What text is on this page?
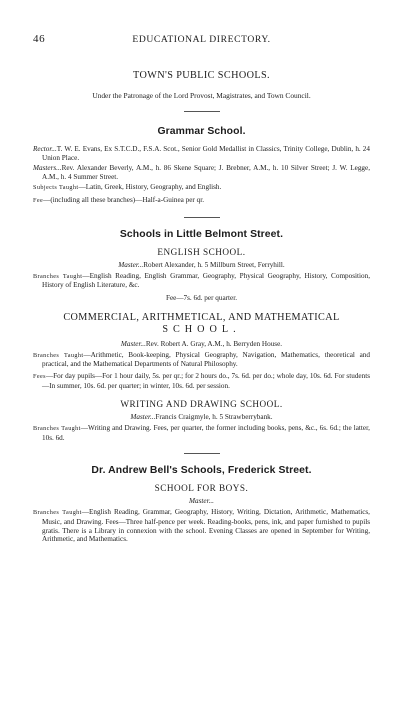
46	EDUCATIONAL DIRECTORY.
TOWN'S PUBLIC SCHOOLS.
Under the Patronage of the Lord Provost, Magistrates, and Town Council.
Grammar School.

Rector...T. W. E. Evans, Ex S.T.C.D., F.S.A. Scot., Senior Gold Medallist in Classics, Trinity College, Dublin, h. 24 Union Place.

Masters...Rev. Alexander Beverly, A.M., h. 86 Skene Square; J. Brebner, A.M., h. 10 Silver Street; J. W. Legge, A.M., h. 4 Summer Street.

Subjects Taught—Latin, Greek, History, Geography, and English.

Fee—(including all these branches)—Half-a-Guinea per qr.

Schools in Little Belmont Street.
ENGLISH SCHOOL.
Master...Robert Alexander, h. 5 Millburn Street, Ferryhill.

Branches Taught—English Reading, English Grammar, Geography, Physical Geography, History, Composition, History of English Literature, &c.

Fee—7s. 6d. per quarter.
COMMERCIAL, ARITHMETICAL, AND MATHEMATICAL
SCHOOL.
Master...Rev. Robert A. Gray, A.M., h. Berryden House.

Branches Taught—Arithmetic, Book-keeping, Physical Geography, Navigation, Mathematics, theoretical and practical, and the Mathematical Departments of Natural Philosophy.

Fees—For day pupils—For 1 hour daily, 5s. per qr.; for 2 hours do., 7s. 6d. per do.; whole day, 10s. 6d. For students—In summer, 10s. 6d. per quarter; in winter, 10s. 6d. per session.

WRITING AND DRAWING SCHOOL.
Master...Francis Craigmyle, h. 5 Strawberrybank.

Branches Taught—Writing and Drawing. Fees, per quarter, the former including books, pens, &c., 6s. 6d.; the latter, 10s. 6d.

Dr. Andrew Bell's Schools, Frederick Street.
SCHOOL FOR BOYS.
Master...

Branches Taught—English Reading, Grammar, Geography, History, Writing, Dictation, Arithmetic, Mathematics, Music, and Drawing. Fees—Three half-pence per week. Reading-books, pens, ink, and paper furnished to pupils gratis. There is a Library in connexion with the school. Evening Classes are opened in September for Writing, Arithmetic, and Mathematics.
